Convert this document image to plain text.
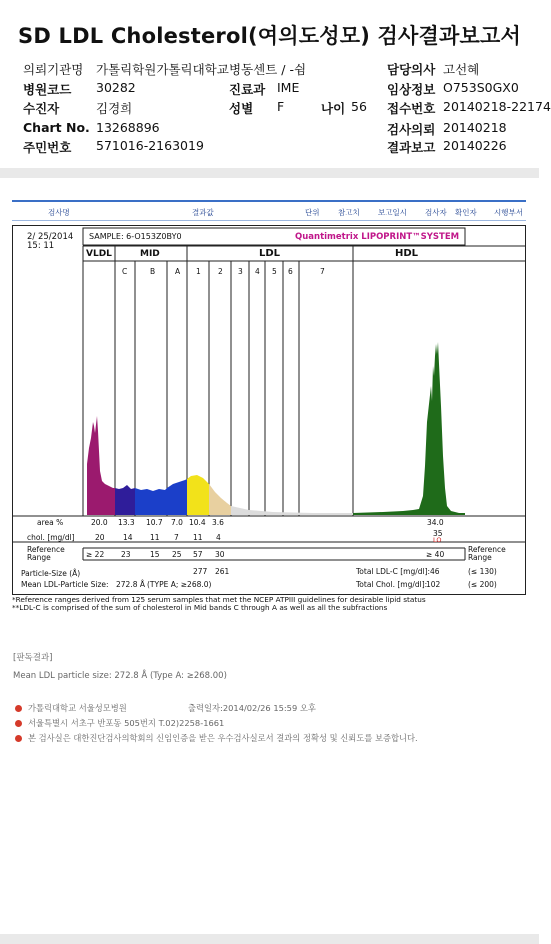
SD LDL Cholesterol(여의도성모) 검사결과보고서
의뢰기관명 가톨릭학원가톨릭대학교 병동센트 / -쉼	담당의사 고선혜
병원코드 30282	진료과 IME	임상정보 O753S0GX0
수진자	김경희	성별 F	나이 56 접수번호 20140218-22174
Chart No. 13268896	검사의뢰 20140218
주민번호 571016-2163019	결과보고 20140226
검사명	결과값	단위 참고치 보고일시 검사자 확인자 시행부서
2/ 25/2014
15: 11
SAMPLE: 6-O153Z0BY0	Quantimetrix LIPOPRINT™SYSTEM
VLDL	MID	LDL	HDL
C	B	A 1 2 3 4 5 6	7
area %	20.0 13.3 10.7 7.0 10.4 3.6	34.0
chol. [mg/dl]	20 14 11 7 11 4	35
LO
Reference Range	≥ 22 23	15 25 57 30	≥ 40
Reference Range
Particle-Size (Å)	277 261
Mean LDL-Particle Size: 272.8 Å (TYPE A; ≥268.0)
Total LDL-C [mg/dl]: 46	(≤ 130)
Total Chol. [mg/dl]:
102	(≤ 200)
*Reference ranges derived from 125 serum samples that met the NCEP ATPIII guidelines for desirable lipid status
**LDL-C is comprised of the sum of cholesterol in Mid bands C through A as well as all the subfractions
[판독결과]
Mean LDL particle size: 272.8 Å (Type A: ≥268.00)
가톨릭대학교 서울성모병원	출력일자:2014/02/26 15:59 오후
서울특별시 서초구 반포동 505번지 T.02)2258-1661
본 검사실은 대한진단검사의학회의 신임인증을 받은 우수검사실로서 결과의 정확성 및 신뢰도를 보증합니다.
